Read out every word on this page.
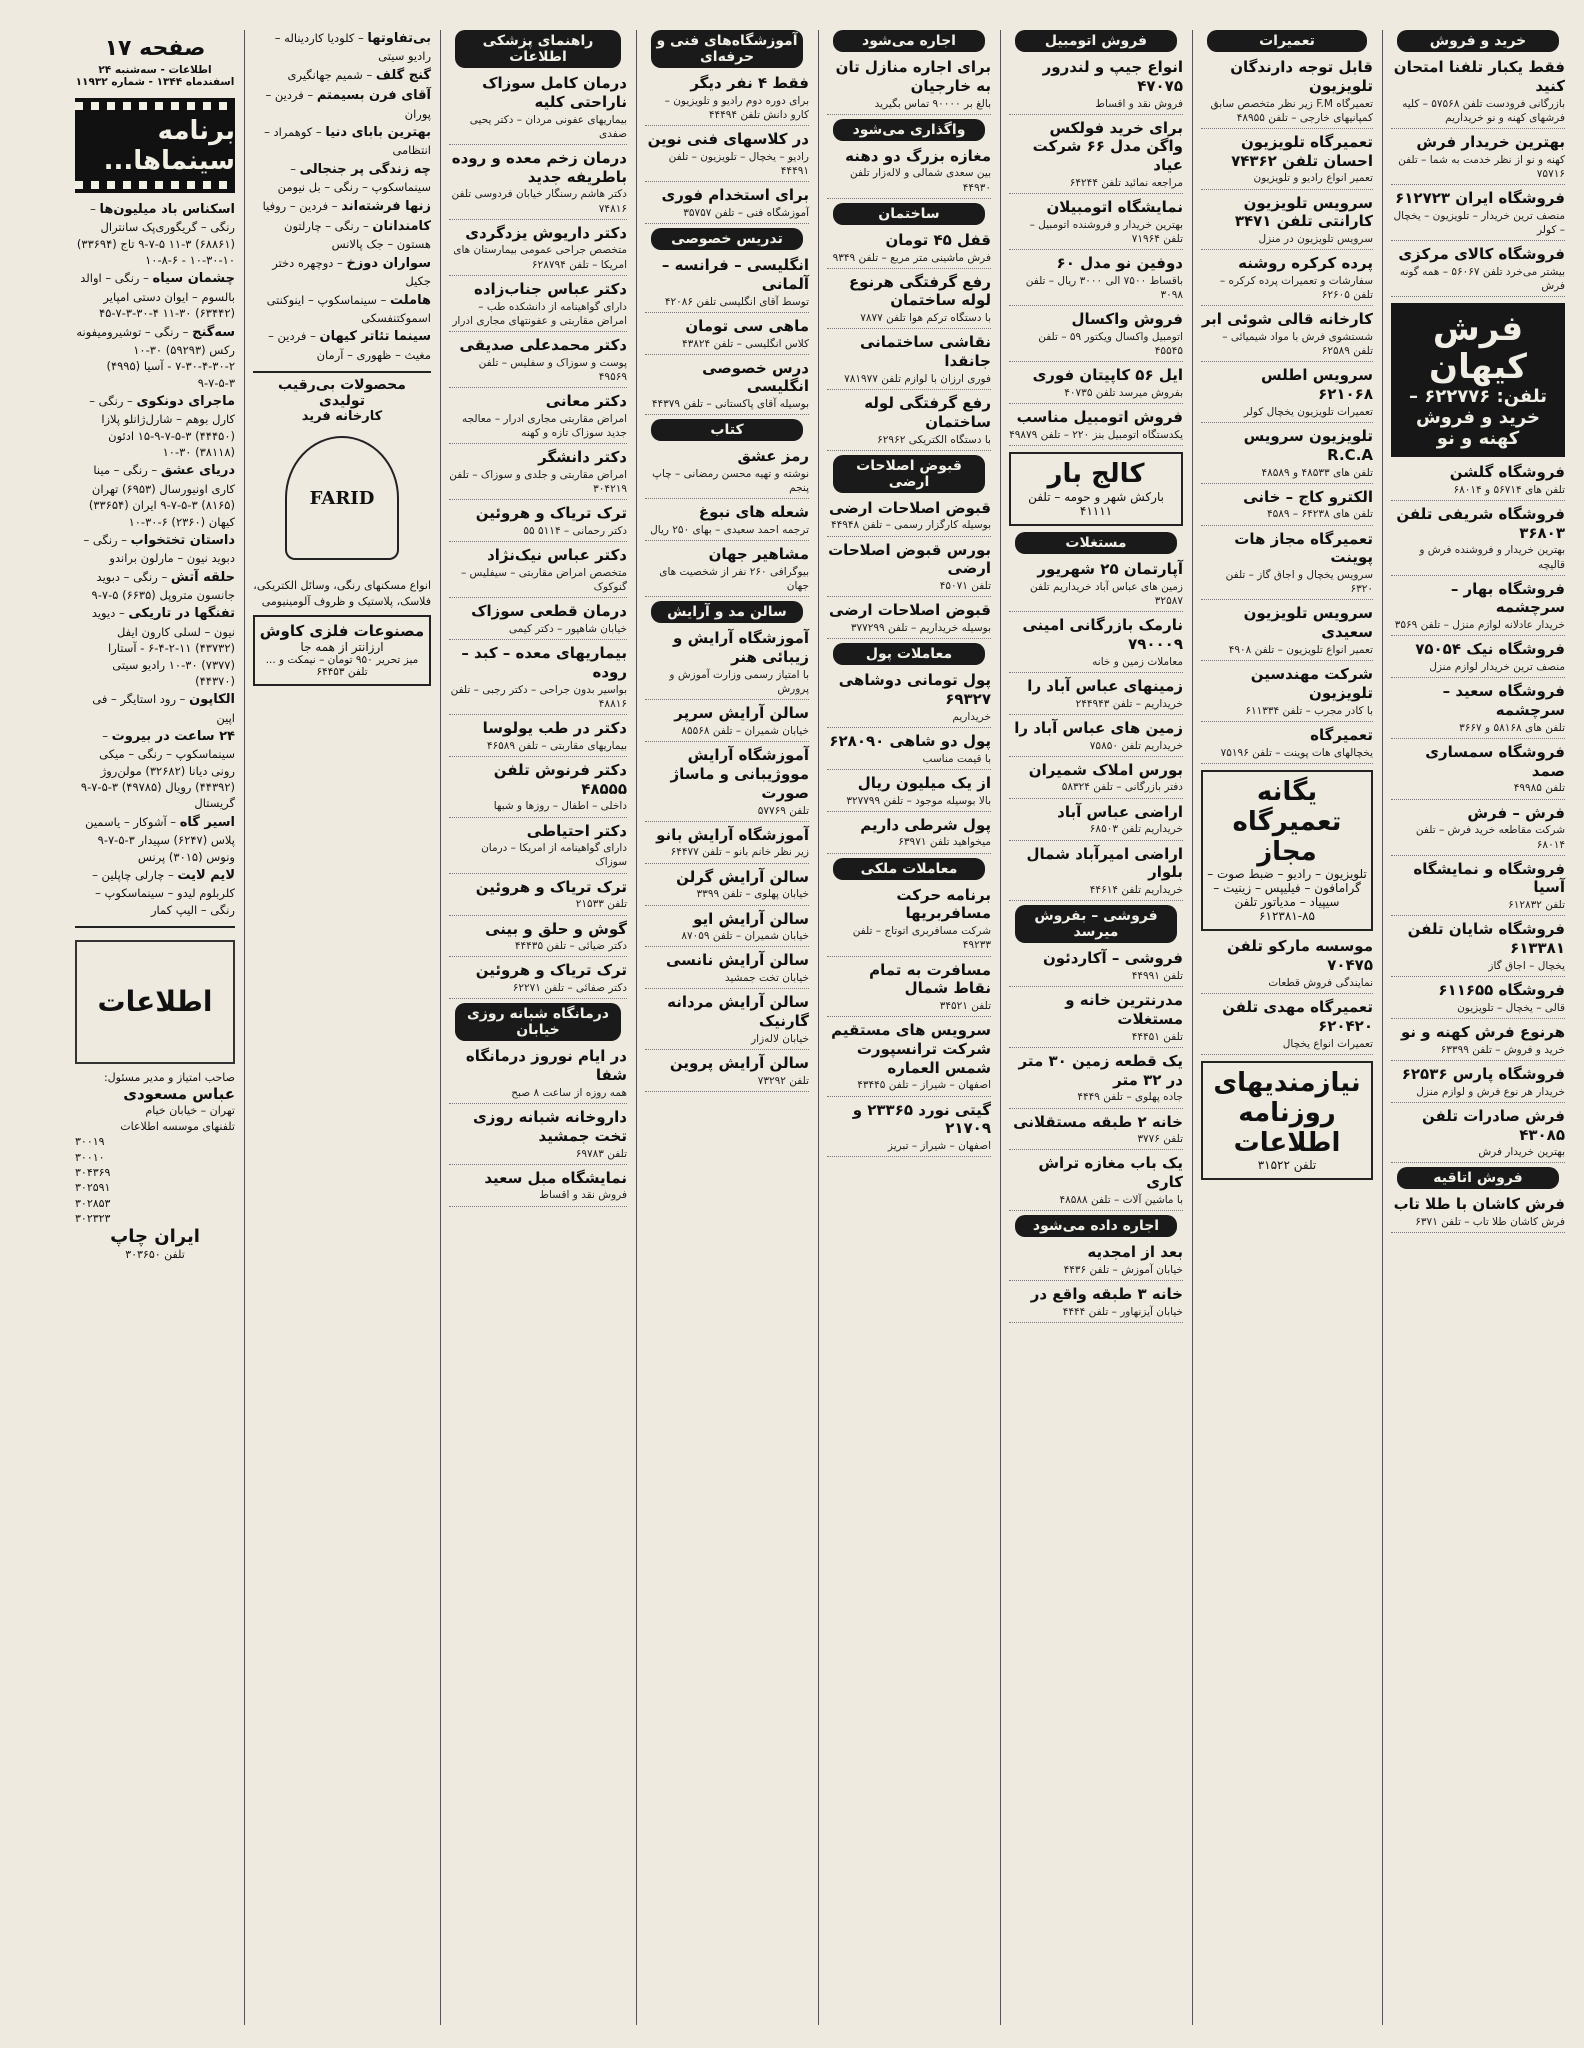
صفحه ۱۷
اطلاعات - سه‌شنبه ۲۴ اسفندماه ۱۳۴۴ - شماره ۱۱۹۳۲
برنامه سینماها...

اسکناس باد میلیون‌ها – رنگی – گریگوری‌پک سانترال (۶۸۸۶۱) ۳-۱۱ ۵-۷-۹ تاج (۳۳۶۹۴) ۱۰-۳۰-۱۰ - ۶-۸-۱۰

چشمان سیاه – رنگی – اوالد بالسوم – ایوان دستی امپایر (۶۳۴۴۲) ۳۰-۱۱ ۴-۳۰-۳-۷-۴۵

سه‌گنج – رنگی – توشیرومیفونه رکس (۵۹۲۹۳) ۳۰-۱۰ ۲-۳۰-۴-۳۰-۷ - آسیا (۴۹۹۵) ۳-۵-۷-۹

ماجرای دونکوی – رنگی – کارل بوهم – شارل‌ژانلو پلازا (۴۴۴۵۰) ۳-۵-۷-۹-۱۵ ادئون (۳۸۱۱۸) ۳۰-۱۰

دریای عشق – رنگی – مینا کاری اونیورسال (۶۹۵۳) تهران (۸۱۶۵) ۳-۵-۷-۹ ایران (۳۳۶۵۴) کیهان (۲۳۶۰) ۶-۳۰-۱۰

داستان تختخواب – رنگی – دبوید نیون – مارلون براندو

حلقه آتش – رنگی – دبوید جانسون متروپل (۶۶۳۵) ۵-۷-۹

تفنگها در تاریکی – دیوید نیون – لسلی کارون ایفل (۴۳۷۳۲) ۱۱-۲-۴-۶ - آستارا (۷۳۷۷) ۳۰-۱۰ رادیو سیتی (۴۴۳۷۰)

الکاپون – رود استایگر – فی ‌اپین

۲۴ ساعت در بیروت – سینماسکوپ – رنگی – میکی رونی دیانا (۳۲۶۸۲) مولن‌روژ (۴۴۳۹۲) رویال (۴۹۷۸۵) ۳-۵-۷-۹ گریستال

اسیر گاه – آشوکار – یاسمین پلاس (۶۲۴۷) سپیدار ۳-۵-۷-۹ ونوس (۳۰۱۵) پرنس

لایم لایت – چارلی چاپلین – کلربلوم لیدو – سینماسکوپ – رنگی – الیپ کمار

اطلاعات
صاحب امتیاز و مدیر مسئول:
عباس مسعودی
تهران – خیابان خیام
تلفنهای موسسه اطلاعات
۳۰۰۱۹
۳۰۰۱۰
۳۰۴۳۶۹
۳۰۲۵۹۱
۳۰۲۸۵۳
۳۰۲۳۲۳
ایران چاپ
تلفن ۳۰۳۶۵۰

بی‌تفاوتها – کلودیا کاردیناله – رادیو سیتی

گنج گلف – شمیم جهانگیری

آقای فرن بسیمتم – فردین – پوران

بهترین بابای دنیا – کوهمراد – انتظامی

چه زندگی پر جنجالی – سینماسکوپ – رنگی – بل نیومن

زنها فرشته‌اند – فردین – روفیا

کامندانان – رنگی – چارلتون هستون – جک پالانس

سواران دوزخ – دوچهره دختر جکیل

هاملت – سینماسکوپ – اینوکنتی اسموکتنفسکی

سینما تئاتر کیهان – فردین – مغیث – ظهوری – آرمان

محصولات بی‌رقیب تولیدی
کارخانه فرید
FARID
انواع مسکنهای رنگی، وسائل الکتریکی، فلاسک، پلاستیک و ظروف آلومینیومی
مصنوعات فلزی کاوش
ارزانتر از همه جا
میز تحریر ۹۵۰ تومان – نیمکت و ... تلفن ۶۴۴۵۳
راهنمای پزشکی اطلاعات
درمان کامل سوزاک ناراحتی کلیه

بیماریهای عفونی مردان – دکتر یحیی صفدی

درمان زخم معده و روده باطریفه جدید

دکتر هاشم رسنگار خیابان فردوسی تلفن ۷۴۸۱۶

دکتر داریوش یزدگردی

متخصص جراحی عمومی بیمارستان های امریکا – تلفن ۶۲۸۷۹۴

دکتر عباس جناب‌زاده

دارای گواهینامه از دانشکده طب – امراض مقاربتی و عفونتهای مجاری ادرار

دکتر محمدعلی صدیقی

پوست و سوزاک و سفلیس – تلفن ۴۹۵۶۹

دکتر معانی

امراض مقاربتی مجاری ادرار – معالجه جدید سوزاک تازه و کهنه

دکتر دانشگر

امراض مقاربتی و جلدی و سوزاک – تلفن ۳۰۴۲۱۹

ترک تریاک و هروئین

دکتر رحمانی – ۵۱۱۴ ۵۵

دکتر عباس نیک‌نژاد

متخصص امراض مقاربتی – سیفلیس – گنوکوک

درمان قطعی سوزاک

خیابان شاهپور – دکتر کیمی

بیماریهای معده – کبد – روده

بواسیر بدون جراحی – دکتر رجبی – تلفن ۴۸۸۱۶

دکتر در طب یولوسا

بیماریهای مقاربتی – تلفن ۴۶۵۸۹

دکتر فرنوش تلفن ۴۸۵۵۵

داخلی – اطفال – روزها و شبها

دکتر احتیاطی

دارای گواهینامه از امریکا – درمان سوزاک

ترک تریاک و هروئین

تلفن ۲۱۵۳۳

گوش و حلق و بینی

دکتر ضیائی – تلفن ۴۴۴۳۵

ترک تریاک و هروئین

دکتر صفائی – تلفن ۶۲۲۷۱

درمانگاه شبانه روزی خیابان
در ایام نوروز درمانگاه شفا

همه روزه از ساعت ۸ صبح

داروخانه شبانه روزی تخت جمشید

تلفن ۶۹۷۸۳

نمایشگاه مبل سعید

فروش نقد و اقساط

آموزشگاه‌های فنی و حرفه‌ای
فقط ۴ نفر دیگر

برای دوره دوم رادیو و تلویزیون – کارو دانش تلفن ۴۴۴۹۴

در کلاسهای فنی نوین

رادیو – یخچال – تلویزیون – تلفن ۴۴۴۹۱

برای استخدام فوری

آموزشگاه فنی – تلفن ۳۵۷۵۷

تدریس خصوصی
انگلیسی – فرانسه – آلمانی

توسط آقای انگلیسی تلفن ۴۲۰۸۶

ماهی سی تومان

کلاس انگلیسی – تلفن ۴۳۸۲۴

درس خصوصی انگلیسی

بوسیله آقای پاکستانی – تلفن ۴۴۳۷۹

کتاب
رمز عشق

نوشته و تهیه محسن رمضانی – چاپ پنجم

شعله های نبوغ

ترجمه احمد سعیدی – بهای ۲۵۰ ریال

مشاهیر جهان

بیوگرافی ۲۶۰ نفر از شخصیت های جهان

سالن مد و آرایش
آموزشگاه آرایش و زیبائی هنر

با امتیاز رسمی وزارت آموزش و پرورش

سالن آرایش سرپر

خیابان شمیران – تلفن ۸۵۵۶۸

آموزشگاه آرایش مووژیبانی و ماساژ صورت

تلفن ۵۷۷۶۹

آموزشگاه آرایش بانو

زیر نظر خانم بانو – تلفن ۶۴۴۷۷

سالن آرایش گرلن

خیابان پهلوی – تلفن ۳۳۹۹

سالن آرایش ایو

خیابان شمیران – تلفن ۸۷۰۵۹

سالن آرایش نانسی

خیابان تخت جمشید

سالن آرایش مردانه گارنیک

خیابان لاله‌زار

سالن آرایش پروین

تلفن ۷۳۲۹۲

اجاره می‌شود
برای اجاره منازل تان به خارجیان

بالغ بر ۹۰۰۰۰ تماس بگیرید

واگذاری می‌شود
مغازه بزرگ دو دهنه

بین سعدی شمالی و لاله‌زار تلفن ۴۴۹۳۰

ساختمان
قفل ۴۵ تومان

فرش ماشینی متر مربع – تلفن ۹۳۴۹

رفع گرفتگی هرنوع لوله ساختمان

با دستگاه ترکم هوا تلفن ۷۸۷۷

نقاشی ساختمانی جانقدا

فوری ارزان با لوازم تلفن ۷۸۱۹۷۷

رفع گرفتگی لوله ساختمان

با دستگاه الکتریکی ۶۲۹۶۲

قبوض اصلاحات ارضی
قبوض اصلاحات ارضی

بوسیله کارگزار رسمی – تلفن ۴۴۹۴۸

بورس قبوض اصلاحات ارضی

تلفن ۴۵۰۷۱

قبوض اصلاحات ارضی

بوسیله خریداریم – تلفن ۳۷۷۲۹۹

معاملات پول
پول تومانی دوشاهی ۶۹۳۲۷

خریداریم

پول دو شاهی ۶۲۸۰۹۰

با قیمت مناسب

از یک میلیون ریال

بالا بوسیله موجود – تلفن ۳۲۷۷۹۹

پول شرطی داریم

میخواهید تلفن ۶۳۹۷۱

معاملات ملکی
برنامه حرکت مسافربریها

شرکت مسافربری اتوتاج – تلفن ۴۹۲۳۳

مسافرت به تمام نقاط شمال

تلفن ۳۴۵۲۱

سرویس های مستقیم شرکت ترانسپورت شمس العماره

اصفهان – شیراز – تلفن ۴۳۴۴۵

گیتی نورد ۲۳۳۶۵ و ۲۱۷۰۹

اصفهان – شیراز – تبریز

فروش اتومبیل
انواع جیپ و لندرور ۴۷۰۷۵

فروش نقد و اقساط

برای خرید فولکس واگن مدل ۶۶ شرکت عیاد

مراجعه نمائید تلفن ۶۴۲۴۴

نمایشگاه اتومبیلان

بهترین خریدار و فروشنده اتومبیل – تلفن ۷۱۹۶۴

دوفین نو مدل ۶۰

باقساط ۷۵۰۰ الی ۳۰۰۰ ریال – تلفن ۳۰۹۸

فروش واکسال

اتومبیل واکسال ویکتور ۵۹ – تلفن ۴۵۵۴۵

ایل ۵۶ کاپیتان فوری

بفروش میرسد تلفن ۴۰۷۳۵

فروش اتومبیل مناسب

یکدستگاه اتومبیل بنز ۲۲۰ – تلفن ۴۹۸۷۹

کالج بار
بارکش شهر و حومه – تلفن ۴۱۱۱۱
مستغلات
آپارتمان ۲۵ شهریور

زمین های عباس آباد خریداریم تلفن ۳۲۵۸۷

نارمک بازرگانی امینی ۷۹۰۰۰۹

معاملات زمین و خانه

زمینهای عباس آباد را

خریداریم – تلفن ۲۴۴۹۴۳

زمین های عباس آباد را

خریداریم تلفن ۷۵۸۵۰

بورس املاک شمیران

دفتر بازرگانی – تلفن ۵۸۳۲۴

اراضی عباس آباد

خریداریم تلفن ۶۸۵۰۳

اراضی امیرآباد شمال بلوار

خریداریم تلفن ۴۴۶۱۴

فروشی – بفروش میرسد
فروشی – آکاردئون

تلفن ۴۴۹۹۱

مدرنترین خانه و مستغلات

تلفن ۴۴۴۵۱

یک قطعه زمین ۳۰ متر در ۳۲ متر

جاده پهلوی – تلفن ۴۴۴۹

خانه ۲ طبقه مستقلانی

تلفن ۳۷۷۶

یک باب مغازه تراش کاری

با ماشین آلات – تلفن ۴۸۵۸۸

اجاره داده می‌شود
بعد از امجدیه

خیابان آموزش – تلفن ۴۴۳۶

خانه ۳ طبقه واقع در

خیابان آیزنهاور – تلفن ۴۴۴۴

تعمیرات
قابل توجه دارندگان تلویزیون

تعمیرگاه F.M زیر نظر متخصص سابق کمپانیهای خارجی – تلفن ۴۸۹۵۵

تعمیرگاه تلویزیون احسان تلفن ۷۴۳۶۲

تعمیر انواع رادیو و تلویزیون

سرویس تلویزیون کارانتی تلفن ۳۴۷۱

سرویس تلویزیون در منزل

پرده کرکره روشنه

سفارشات و تعمیرات پرده کرکره – تلفن ۶۲۶۰۵

کارخانه قالی شوئی ابر

شستشوی فرش با مواد شیمیائی – تلفن ۶۲۵۸۹

سرویس اطلس ۶۲۱۰۶۸

تعمیرات تلویزیون یخچال کولر

تلویزیون سرویس R.C.A

تلفن های ۴۸۵۳۳ و ۴۸۵۸۹

الکترو کاج – خانی

تلفن های ۶۴۲۳۸ – ۴۵۸۹

تعمیرگاه مجاز هات پوینت

سرویس یخچال و اجاق گاز – تلفن ۶۳۲۰

سرویس تلویزیون سعیدی

تعمیر انواع تلویزیون – تلفن ۴۹۰۸

شرکت مهندسین تلویزیون

با کادر مجرب – تلفن ۶۱۱۳۳۴

تعمیرگاه

یخچالهای هات پوینت – تلفن ۷۵۱۹۶

یگانه تعمیرگاه مجاز
تلویزیون – رادیو – ضبط صوت – گرامافون – فیلیپس – زینیت – سیپیاد – مدیاتور تلفن ۸۵-۶۱۲۳۸۱
موسسه مارکو تلفن ۷۰۴۷۵

نمایندگی فروش قطعات

تعمیرگاه مهدی تلفن ۶۲۰۴۲۰

تعمیرات انواع یخچال

نیازمندیهای روزنامه اطلاعات
تلفن ۳۱۵۲۲
خرید و فروش
فقط یکبار تلفنا امتحان کنید

بازرگانی فرودست تلفن ۵۷۵۶۸ – کلیه فرشهای کهنه و نو خریداریم

بهترین خریدار فرش

کهنه و نو از نظر خدمت به شما – تلفن ۷۵۷۱۶

فروشگاه ایران ۶۱۲۷۲۳

منصف ترین خریدار – تلویزیون – یخچال – کولر

فروشگاه کالای مرکزی

بیشتر می‌خرد تلفن ۵۶۰۶۷ – همه گونه فرش

فرش کیهان
تلفن: ۶۲۲۷۷۶ – خرید و فروش کهنه و نو
فروشگاه گلشن

تلفن های ۵۶۷۱۴ و ۶۸۰۱۴

فروشگاه شریفی تلفن ۳۶۸۰۳

بهترین خریدار و فروشنده فرش و قالیچه

فروشگاه بهار – سرچشمه

خریدار عادلانه لوازم منزل – تلفن ۳۵۶۹

فروشگاه نیک ۷۵۰۵۴

منصف ترین خریدار لوازم منزل

فروشگاه سعید – سرچشمه

تلفن های ۵۸۱۶۸ و ۳۶۶۷

فروشگاه سمساری صمد

تلفن ۴۹۹۸۵

فرش – فرش

شرکت مقاطعه خرید فرش – تلفن ۶۸۰۱۴

فروشگاه و نمایشگاه آسیا

تلفن ۶۱۲۸۳۲

فروشگاه شایان تلفن ۶۱۳۳۸۱

یخچال – اجاق گاز

فروشگاه ۶۱۱۶۵۵

قالی – یخچال – تلویزیون

هرنوع فرش کهنه و نو

خرید و فروش – تلفن ۶۳۳۹۹

فروشگاه پارس ۶۲۵۳۶

خریدار هر نوع فرش و لوازم منزل

فرش صادرات تلفن ۴۳۰۸۵

بهترین خریدار فرش

فروش اتاقیه
فرش کاشان با طلا تاب

فرش کاشان طلا تاب – تلفن ۶۳۷۱
